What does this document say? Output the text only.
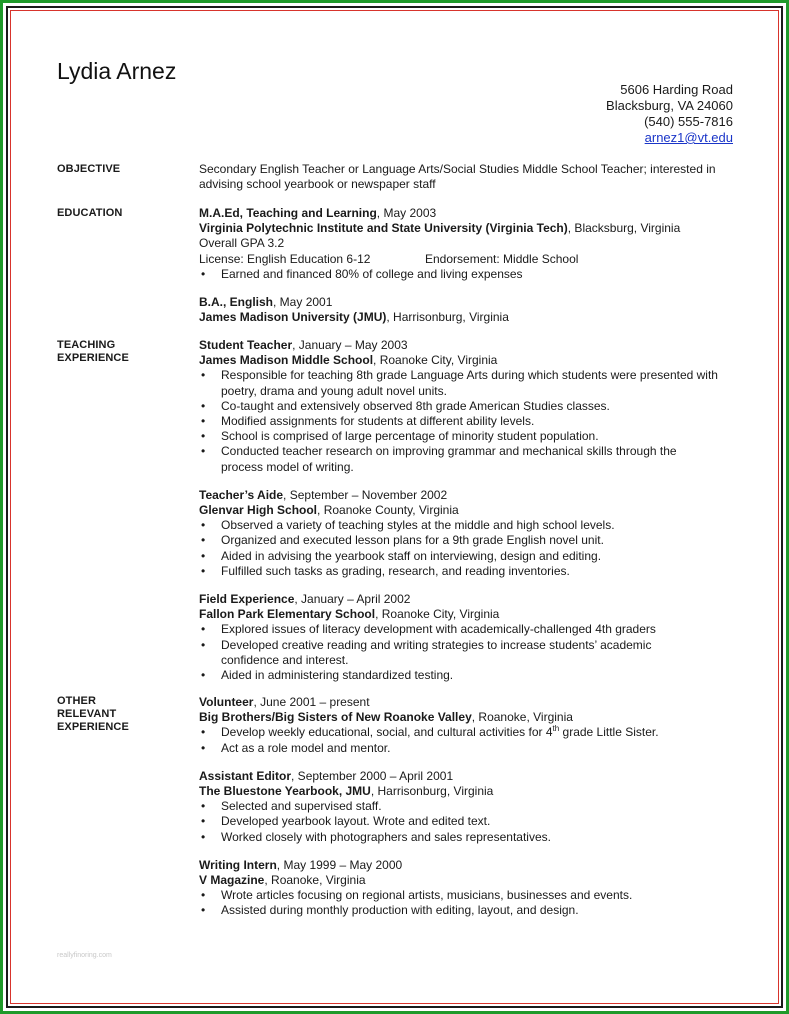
Lydia Arnez
5606 Harding Road
Blacksburg, VA 24060
(540) 555-7816
arnez1@vt.edu
OBJECTIVE	Secondary English Teacher or Language Arts/Social Studies Middle School Teacher; interested in advising school yearbook or newspaper staff

EDUCATION	M.A.Ed, Teaching and Learning, May 2003

Virginia Polytechnic Institute and State University (Virginia Tech), Blacksburg, Virginia

Overall GPA 3.2

License: English Education 6-12	Endorsement: Middle School

• Earned and financed 80% of college and living expenses

B.A., English, May 2001

James Madison University (JMU), Harrisonburg, Virginia

TEACHING
EXPERIENCE

Student Teacher, January – May 2003

James Madison Middle School, Roanoke City, Virginia

• Responsible for teaching 8th grade Language Arts during which students were presented with poetry, drama and young adult novel units.
• Co-taught and extensively observed 8th grade American Studies classes.
• Modified assignments for students at different ability levels.
• School is comprised of large percentage of minority student population.
• Conducted teacher research on improving grammar and mechanical skills through the process model of writing.

Teacher’s Aide, September – November 2002

Glenvar High School, Roanoke County, Virginia

• Observed a variety of teaching styles at the middle and high school levels.
• Organized and executed lesson plans for a 9th grade English novel unit.
• Aided in advising the yearbook staff on interviewing, design and editing.
• Fulfilled such tasks as grading, research, and reading inventories.

Field Experience, January – April 2002

Fallon Park Elementary School, Roanoke City, Virginia

• Explored issues of literacy development with academically-challenged 4th graders
• Developed creative reading and writing strategies to increase students’ academic confidence and interest.
• Aided in administering standardized testing.
OTHER
RELEVANT
EXPERIENCE

Volunteer, June 2001 – present

Big Brothers/Big Sisters of New Roanoke Valley, Roanoke, Virginia

• Develop weekly educational, social, and cultural activities for 4th grade Little Sister.
• Act as a role model and mentor.

Assistant Editor, September 2000 – April 2001

The Bluestone Yearbook, JMU, Harrisonburg, Virginia

• Selected and supervised staff.
• Developed yearbook layout. Wrote and edited text.
• Worked closely with photographers and sales representatives.

Writing Intern, May 1999 – May 2000

V Magazine, Roanoke, Virginia

• Wrote articles focusing on regional artists, musicians, businesses and events.
• Assisted during monthly production with editing, layout, and design.
reallyfinoring.com
